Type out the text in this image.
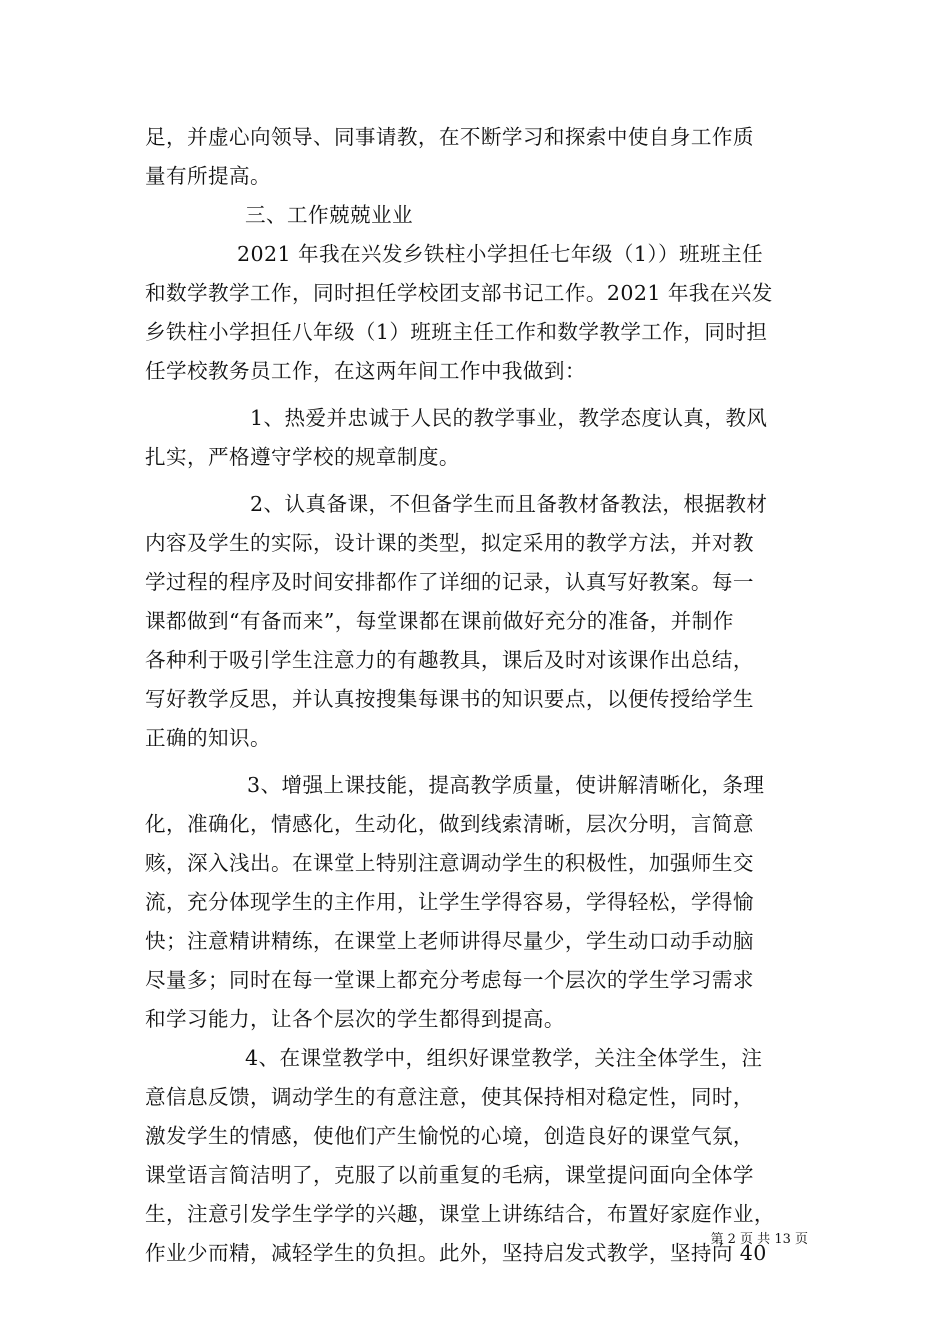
足，并虚心向领导、同事请教，在不断学习和探索中使自身工作质
量有所提高。
三、工作兢兢业业
2021 年我在兴发乡铁柱小学担任七年级（1））班班主任
和数学教学工作，同时担任学校团支部书记工作。2021 年我在兴发
乡铁柱小学担任八年级（1）班班主任工作和数学教学工作，同时担
任学校教务员工作，在这两年间工作中我做到：
1、热爱并忠诚于人民的教学事业，教学态度认真，教风
扎实，严格遵守学校的规章制度。
2、认真备课，不但备学生而且备教材备教法，根据教材
内容及学生的实际，设计课的类型，拟定采用的教学方法，并对教
学过程的程序及时间安排都作了详细的记录，认真写好教案。每一
课都做到“有备而来”，每堂课都在课前做好充分的准备，并制作
各种利于吸引学生注意力的有趣教具，课后及时对该课作出总结，
写好教学反思，并认真按搜集每课书的知识要点，以便传授给学生
正确的知识。
3、增强上课技能，提高教学质量，使讲解清晰化，条理
化，准确化，情感化，生动化，做到线索清晰，层次分明，言简意
赅，深入浅出。在课堂上特别注意调动学生的积极性，加强师生交
流，充分体现学生的主作用，让学生学得容易，学得轻松，学得愉
快；注意精讲精练，在课堂上老师讲得尽量少，学生动口动手动脑
尽量多；同时在每一堂课上都充分考虑每一个层次的学生学习需求
和学习能力，让各个层次的学生都得到提高。
4、在课堂教学中，组织好课堂教学，关注全体学生，注
意信息反馈，调动学生的有意注意，使其保持相对稳定性，同时，
激发学生的情感，使他们产生愉悦的心境，创造良好的课堂气氛，
课堂语言简洁明了，克服了以前重复的毛病，课堂提问面向全体学
生，注意引发学生学学的兴趣，课堂上讲练结合，布置好家庭作业，
作业少而精，减轻学生的负担。此外，坚持启发式教学，坚持向 40
第 2 页 共 13 页
